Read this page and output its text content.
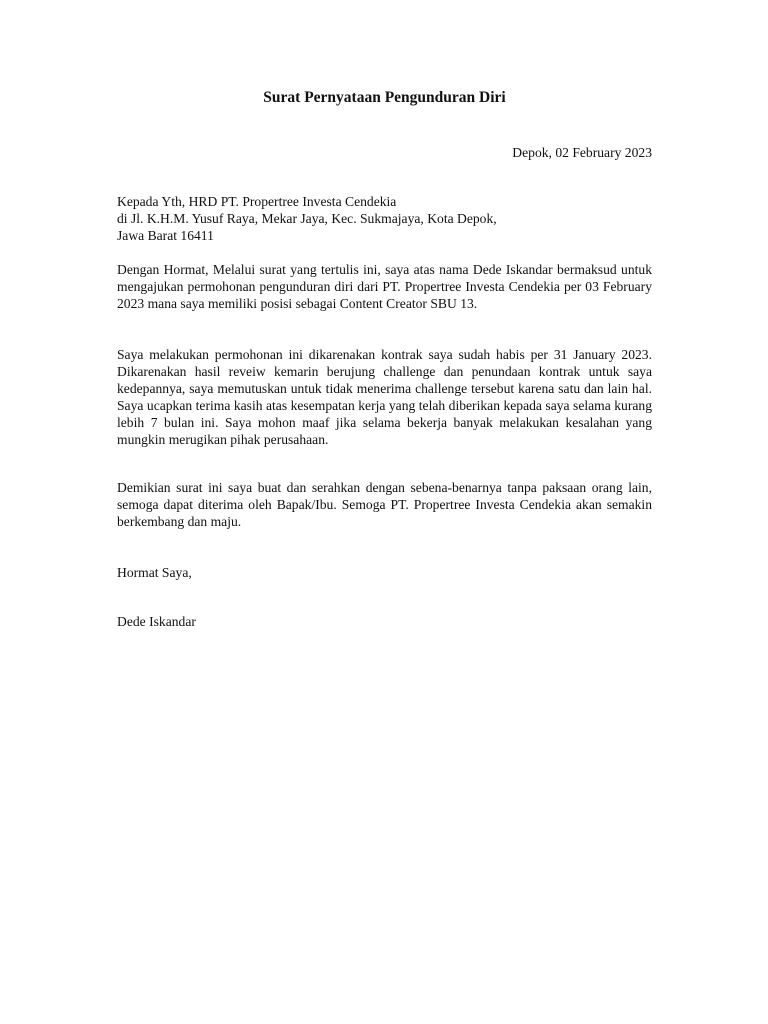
Surat Pernyataan Pengunduran Diri
Depok, 02 February 2023
Kepada Yth, HRD PT. Propertree Investa Cendekia
di Jl. K.H.M. Yusuf Raya, Mekar Jaya, Kec. Sukmajaya, Kota Depok,
Jawa Barat 16411

Dengan Hormat, Melalui surat yang tertulis ini, saya atas nama Dede Iskandar bermaksud untuk mengajukan permohonan pengunduran diri dari PT. Propertree Investa Cendekia per 03 February 2023 mana saya memiliki posisi sebagai Content Creator SBU 13.

Saya melakukan permohonan ini dikarenakan kontrak saya sudah habis per 31 January 2023. Dikarenakan hasil reveiw kemarin berujung challenge dan penundaan kontrak untuk saya kedepannya, saya memutuskan untuk tidak menerima challenge tersebut karena satu dan lain hal. Saya ucapkan terima kasih atas kesempatan kerja yang telah diberikan kepada saya selama kurang lebih 7 bulan ini. Saya mohon maaf jika selama bekerja banyak melakukan kesalahan yang mungkin merugikan pihak perusahaan.

Demikian surat ini saya buat dan serahkan dengan sebena-benarnya tanpa paksaan orang lain, semoga dapat diterima oleh Bapak/Ibu. Semoga PT. Propertree Investa Cendekia akan semakin berkembang dan maju.

Hormat Saya,
Dede Iskandar
